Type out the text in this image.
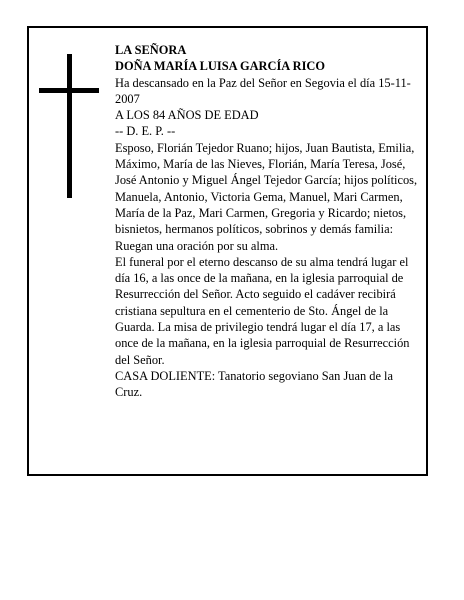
LA SEÑORA

DOÑA MARÍA LUISA GARCÍA RICO

Ha descansado en la Paz del Señor en Segovia el día 15-11-2007

A LOS 84 AÑOS DE EDAD

-- D. E. P. --

Esposo, Florián Tejedor Ruano; hijos, Juan Bautista, Emilia, Máximo, María de las Nieves, Florián, María Teresa, José, José Antonio y Miguel Ángel Tejedor García; hijos políticos, Manuela, Antonio, Victoria Gema, Manuel, Mari Carmen, María de la Paz, Mari Carmen, Gregoria y Ricardo; nietos, bisnietos, hermanos políticos, sobrinos y demás familia:

Ruegan una oración por su alma.

El funeral por el eterno descanso de su alma tendrá lugar el día 16, a las once de la mañana, en la iglesia parroquial de Resurrección del Señor. Acto seguido el cadáver recibirá cristiana sepultura en el cementerio de Sto. Ángel de la Guarda. La misa de privilegio tendrá lugar el día 17, a las once de la mañana, en la iglesia parroquial de Resurrección del Señor.

CASA DOLIENTE: Tanatorio segoviano San Juan de la Cruz.
